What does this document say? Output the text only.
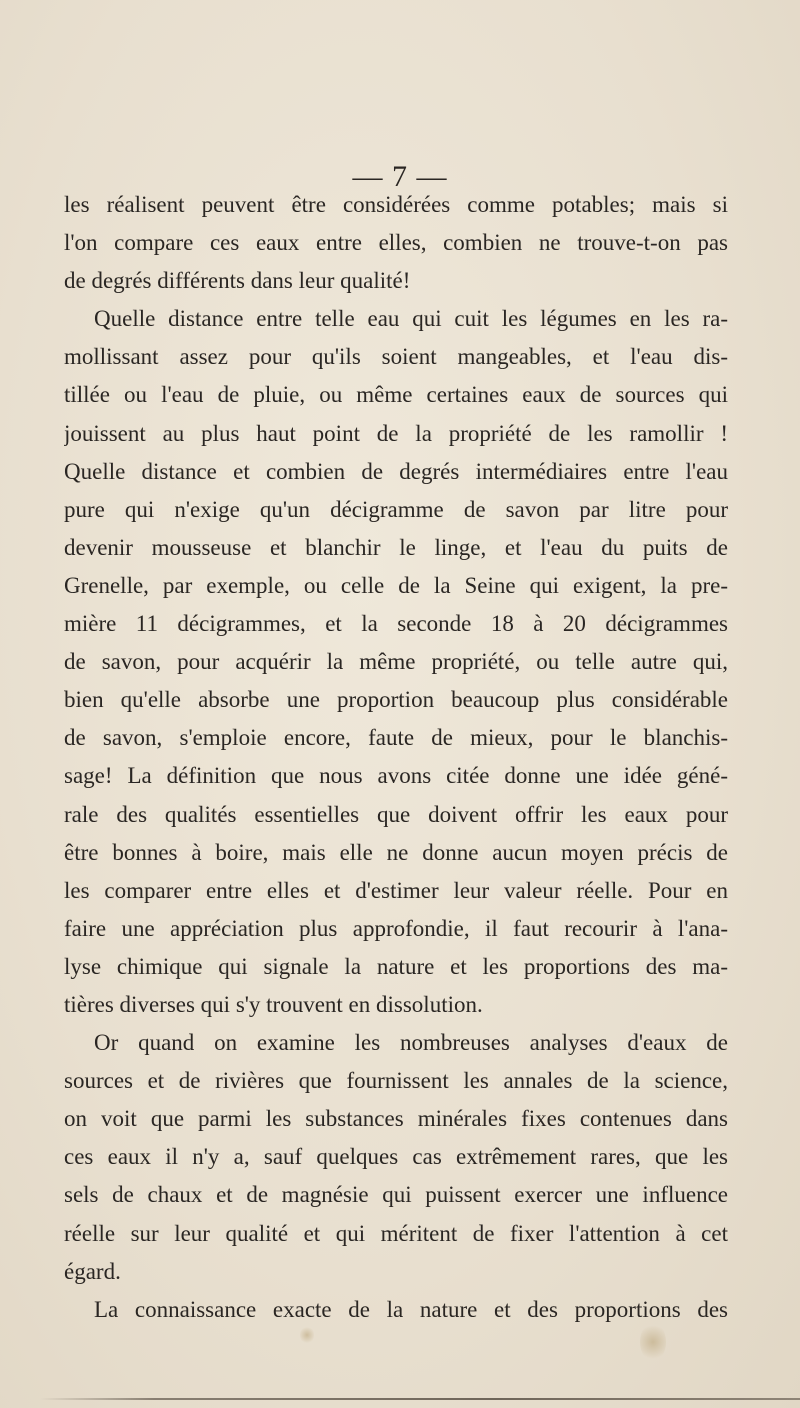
— 7 —
les réalisent peuvent être considérées comme potables; mais si
l'on compare ces eaux entre elles, combien ne trouve-t-on pas
de degrés différents dans leur qualité!
Quelle distance entre telle eau qui cuit les légumes en les ra-
mollissant assez pour qu'ils soient mangeables, et l'eau dis-
tillée ou l'eau de pluie, ou même certaines eaux de sources qui
jouissent au plus haut point de la propriété de les ramollir !
Quelle distance et combien de degrés intermédiaires entre l'eau
pure qui n'exige qu'un décigramme de savon par litre pour
devenir mousseuse et blanchir le linge, et l'eau du puits de
Grenelle, par exemple, ou celle de la Seine qui exigent, la pre-
mière 11 décigrammes, et la seconde 18 à 20 décigrammes
de savon, pour acquérir la même propriété, ou telle autre qui,
bien qu'elle absorbe une proportion beaucoup plus considérable
de savon, s'emploie encore, faute de mieux, pour le blanchis-
sage! La définition que nous avons citée donne une idée géné-
rale des qualités essentielles que doivent offrir les eaux pour
être bonnes à boire, mais elle ne donne aucun moyen précis de
les comparer entre elles et d'estimer leur valeur réelle. Pour en
faire une appréciation plus approfondie, il faut recourir à l'ana-
lyse chimique qui signale la nature et les proportions des ma-
tières diverses qui s'y trouvent en dissolution.
Or quand on examine les nombreuses analyses d'eaux de
sources et de rivières que fournissent les annales de la science,
on voit que parmi les substances minérales fixes contenues dans
ces eaux il n'y a, sauf quelques cas extrêmement rares, que les
sels de chaux et de magnésie qui puissent exercer une influence
réelle sur leur qualité et qui méritent de fixer l'attention à cet
égard.
La connaissance exacte de la nature et des proportions des
